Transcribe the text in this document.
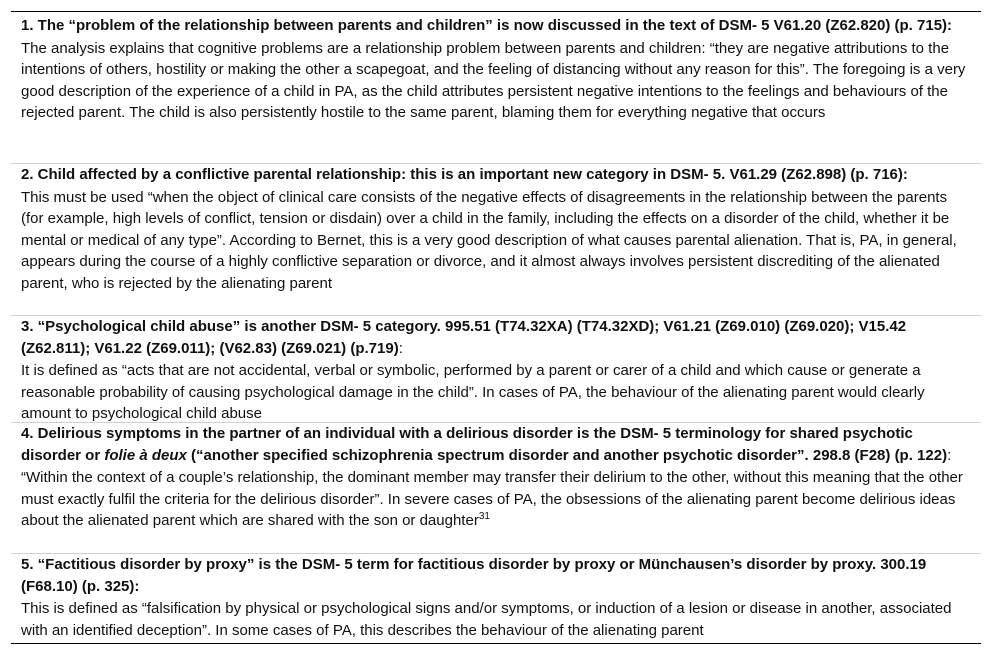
1. The “problem of the relationship between parents and children” is now discussed in the text of DSM- 5 V61.20 (Z62.820) (p. 715):
The analysis explains that cognitive problems are a relationship problem between parents and children: “they are negative attributions to the intentions of others, hostility or making the other a scapegoat, and the feeling of distancing without any reason for this”. The foregoing is a very good description of the experience of a child in PA, as the child attributes persistent negative intentions to the feelings and behaviours of the rejected parent. The child is also persistently hostile to the same parent, blaming them for everything negative that occurs
2. Child affected by a conflictive parental relationship: this is an important new category in DSM- 5. V61.29 (Z62.898) (p. 716):
This must be used “when the object of clinical care consists of the negative effects of disagreements in the relationship between the parents (for example, high levels of conflict, tension or disdain) over a child in the family, including the effects on a disorder of the child, whether it be mental or medical of any type”. According to Bernet, this is a very good description of what causes parental alienation. That is, PA, in general, appears during the course of a highly conflictive separation or divorce, and it almost always involves persistent discrediting of the alienated parent, who is rejected by the alienating parent
3. “Psychological child abuse” is another DSM- 5 category. 995.51 (T74.32XA) (T74.32XD); V61.21 (Z69.010) (Z69.020); V15.42 (Z62.811); V61.22 (Z69.011); (V62.83) (Z69.021) (p.719):
It is defined as “acts that are not accidental, verbal or symbolic, performed by a parent or carer of a child and which cause or generate a reasonable probability of causing psychological damage in the child”. In cases of PA, the behaviour of the alienating parent would clearly amount to psychological child abuse
4. Delirious symptoms in the partner of an individual with a delirious disorder is the DSM- 5 terminology for shared psychotic disorder or folie à deux (“another specified schizophrenia spectrum disorder and another psychotic disorder”. 298.8 (F28) (p. 122):
“Within the context of a couple’s relationship, the dominant member may transfer their delirium to the other, without this meaning that the other must exactly fulfil the criteria for the delirious disorder”. In severe cases of PA, the obsessions of the alienating parent become delirious ideas about the alienated parent which are shared with the son or daughter$^{31}$
5. “Factitious disorder by proxy” is the DSM- 5 term for factitious disorder by proxy or Münchausen’s disorder by proxy. 300.19 (F68.10) (p. 325):
This is defined as “falsification by physical or psychological signs and/or symptoms, or induction of a lesion or disease in another, associated with an identified deception”. In some cases of PA, this describes the behaviour of the alienating parent
